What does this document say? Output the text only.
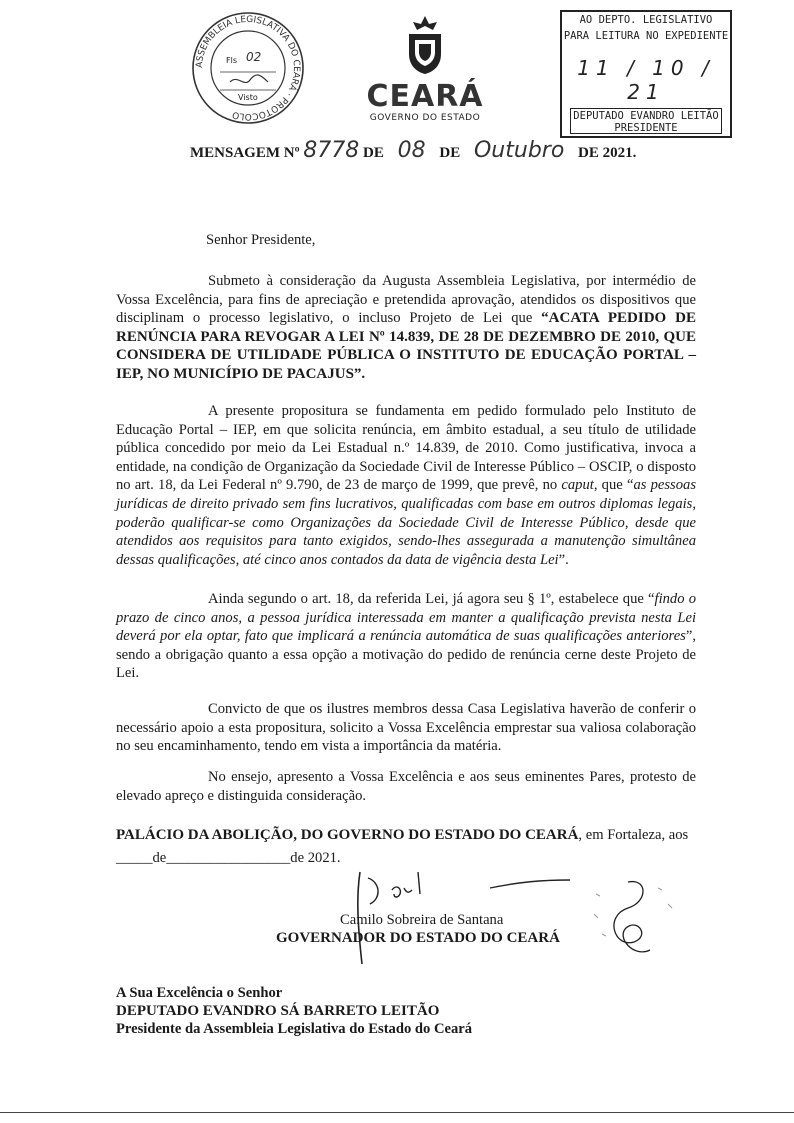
ASSEMBLEIA LEGISLATIVA DO CEARÁ · PROTOCOLO
Fls 02
Visto	CEARÁ
GOVERNO DO ESTADO
AO DEPTO. LEGISLATIVO
PARA LEITURA NO EXPEDIENTE
11 / 10 / 21
DEPUTADO EVANDRO LEITÃO
PRESIDENTE
MENSAGEM Nº 8778 DE 08 DE Outubro DE 2021.
Senhor Presidente,

Submeto à consideração da Augusta Assembleia Legislativa, por intermédio de Vossa Excelência, para fins de apreciação e pretendida aprovação, atendidos os dispositivos que disciplinam o processo legislativo, o incluso Projeto de Lei que “ACATA PEDIDO DE RENÚNCIA PARA REVOGAR A LEI Nº 14.839, DE 28 DE DEZEMBRO DE 2010, QUE CONSIDERA DE UTILIDADE PÚBLICA O INSTITUTO DE EDUCAÇÃO PORTAL – IEP, NO MUNICÍPIO DE PACAJUS”.

A presente propositura se fundamenta em pedido formulado pelo Instituto de Educação Portal – IEP, em que solicita renúncia, em âmbito estadual, a seu título de utilidade pública concedido por meio da Lei Estadual n.º 14.839, de 2010. Como justificativa, invoca a entidade, na condição de Organização da Sociedade Civil de Interesse Público – OSCIP, o disposto no art. 18, da Lei Federal nº 9.790, de 23 de março de 1999, que prevê, no caput, que “as pessoas jurídicas de direito privado sem fins lucrativos, qualificadas com base em outros diplomas legais, poderão qualificar-se como Organizações da Sociedade Civil de Interesse Público, desde que atendidos aos requisitos para tanto exigidos, sendo-lhes assegurada a manutenção simultânea dessas qualificações, até cinco anos contados da data de vigência desta Lei”.

Ainda segundo o art. 18, da referida Lei, já agora seu § 1º, estabelece que “findo o prazo de cinco anos, a pessoa jurídica interessada em manter a qualificação prevista nesta Lei deverá por ela optar, fato que implicará a renúncia automática de suas qualificações anteriores”, sendo a obrigação quanto a essa opção a motivação do pedido de renúncia cerne deste Projeto de Lei.

Convicto de que os ilustres membros dessa Casa Legislativa haverão de conferir o necessário apoio a esta propositura, solicito a Vossa Excelência emprestar sua valiosa colaboração no seu encaminhamento, tendo em vista a importância da matéria.

No ensejo, apresento a Vossa Excelência e aos seus eminentes Pares, protesto de elevado apreço e distinguida consideração.

PALÁCIO DA ABOLIÇÃO, DO GOVERNO DO ESTADO DO CEARÁ, em Fortaleza, aos

_____de_________________de 2021.
Camilo Sobreira de Santana
GOVERNADOR DO ESTADO DO CEARÁ
A Sua Excelência o Senhor
DEPUTADO EVANDRO SÁ BARRETO LEITÃO
Presidente da Assembleia Legislativa do Estado do Ceará
